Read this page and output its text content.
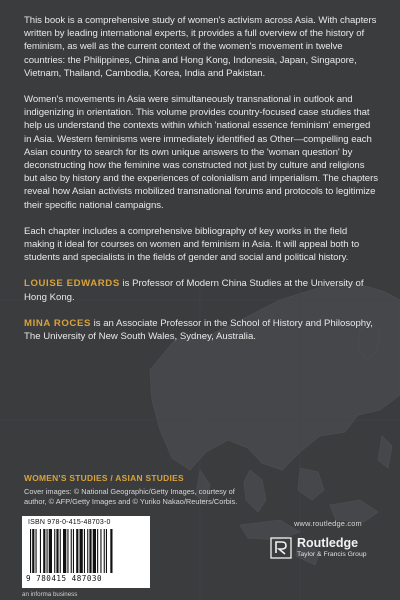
This book is a comprehensive study of women's activism across Asia. With chapters written by leading international experts, it provides a full overview of the history of feminism, as well as the current context of the women's movement in twelve countries: the Philippines, China and Hong Kong, Indonesia, Japan, Singapore, Vietnam, Thailand, Cambodia, Korea, India and Pakistan.

Women's movements in Asia were simultaneously transnational in outlook and indigenizing in orientation. This volume provides country-focused case studies that help us understand the contexts within which 'national essence feminism' emerged in Asia. Western feminisms were immediately identified as Other—compelling each Asian country to search for its own unique answers to the 'woman question' by deconstructing how the feminine was constructed not just by culture and religions but also by history and the experiences of colonialism and imperialism. The chapters reveal how Asian activists mobilized transnational forums and protocols to legitimize their specific national campaigns.

Each chapter includes a comprehensive bibliography of key works in the field making it ideal for courses on women and feminism in Asia. It will appeal both to students and specialists in the fields of gender and social and political history.

LOUISE EDWARDS is Professor of Modern China Studies at the University of Hong Kong.

MINA ROCES is an Associate Professor in the School of History and Philosophy, The University of New South Wales, Sydney, Australia.

WOMEN'S STUDIES / ASIAN STUDIES
Cover images: © National Geographic/Getty Images, courtesy of author, © AFP/Getty Images and © Yuriko Nakao/Reuters/Corbis.
ISBN 978-0-415-48703-0
9 780415 487030
an informa business
www.routledge.com
Routledge
Taylor & Francis Group
